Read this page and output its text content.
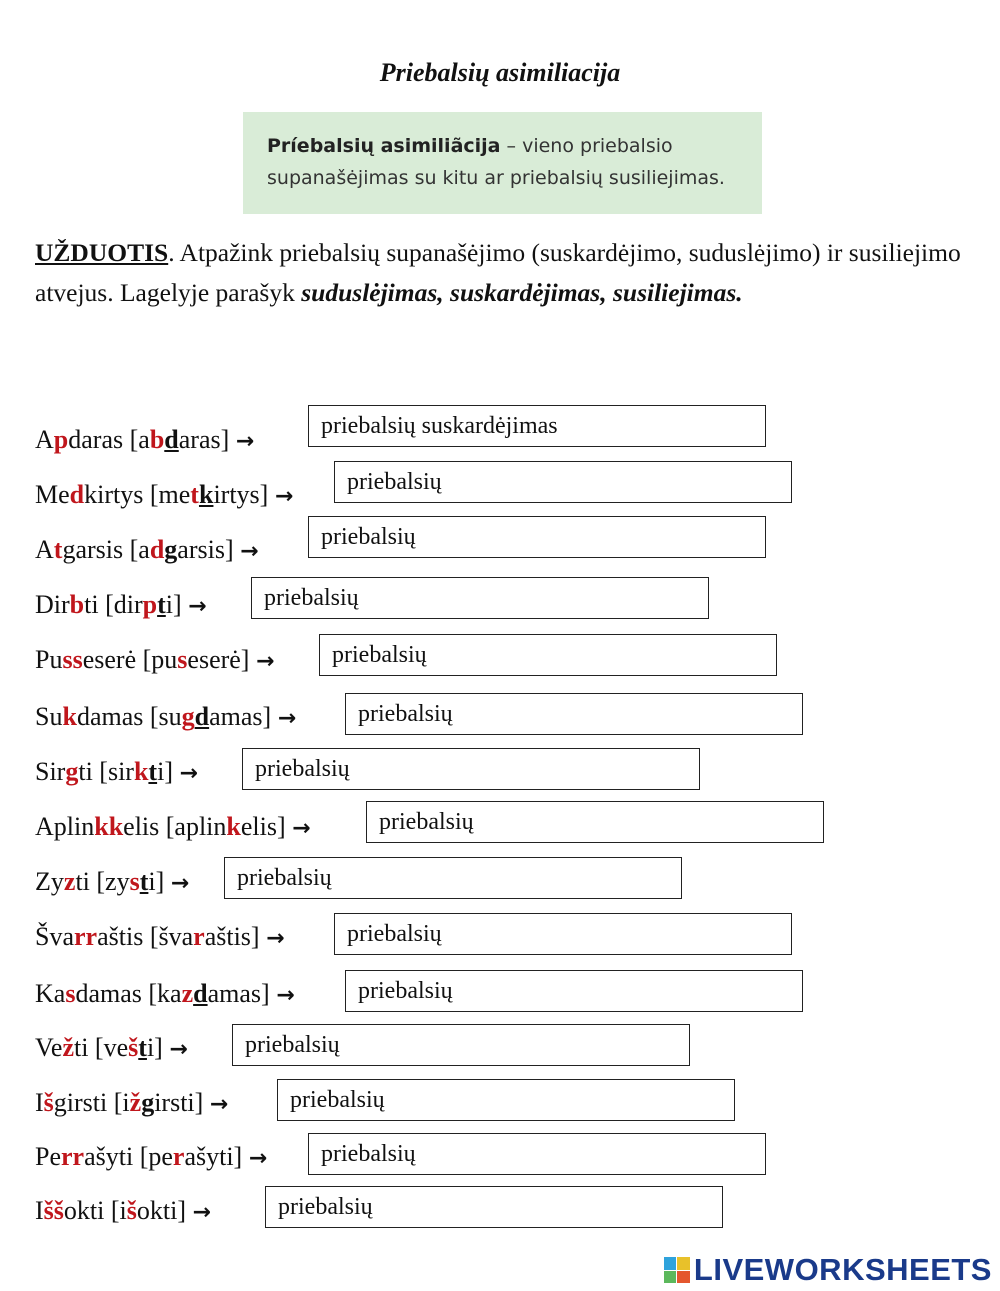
Priebalsių asimiliacija
Príebalsių asimiliãcija – vieno priebalsio supanašėjimas su kitu ar priebalsių susiliejimas.
UŽDUOTIS. Atpažink priebalsių supanašėjimo (suskardėjimo, suduslėjimo) ir susiliejimo atvejus. Lagelyje parašyk suduslėjimas, suskardėjimas, susiliejimas.
Apdaras [abdaras] →
priebalsių suskardėjimas
Medkirtys [metkirtys] →
priebalsių
Atgarsis [adgarsis] →
priebalsių
Dirbti [dirpti] →
priebalsių
Pusseserė [puseserė] →
priebalsių
Sukdamas [sugdamas] →
priebalsių
Sirgti [sirkti] →
priebalsių
Aplinkkelis [aplinkelis] →
priebalsių
Zyzti [zysti] →
priebalsių
Švarraštis [švaraštis] →
priebalsių
Kasdamas [kazdamas] →
priebalsių
Vežti [vešti] →
priebalsių
Išgirsti [ižgirsti] →
priebalsių
Perrašyti [perašyti] →
priebalsių
Iššokti [išokti] →
priebalsių
LIVEWORKSHEETS
